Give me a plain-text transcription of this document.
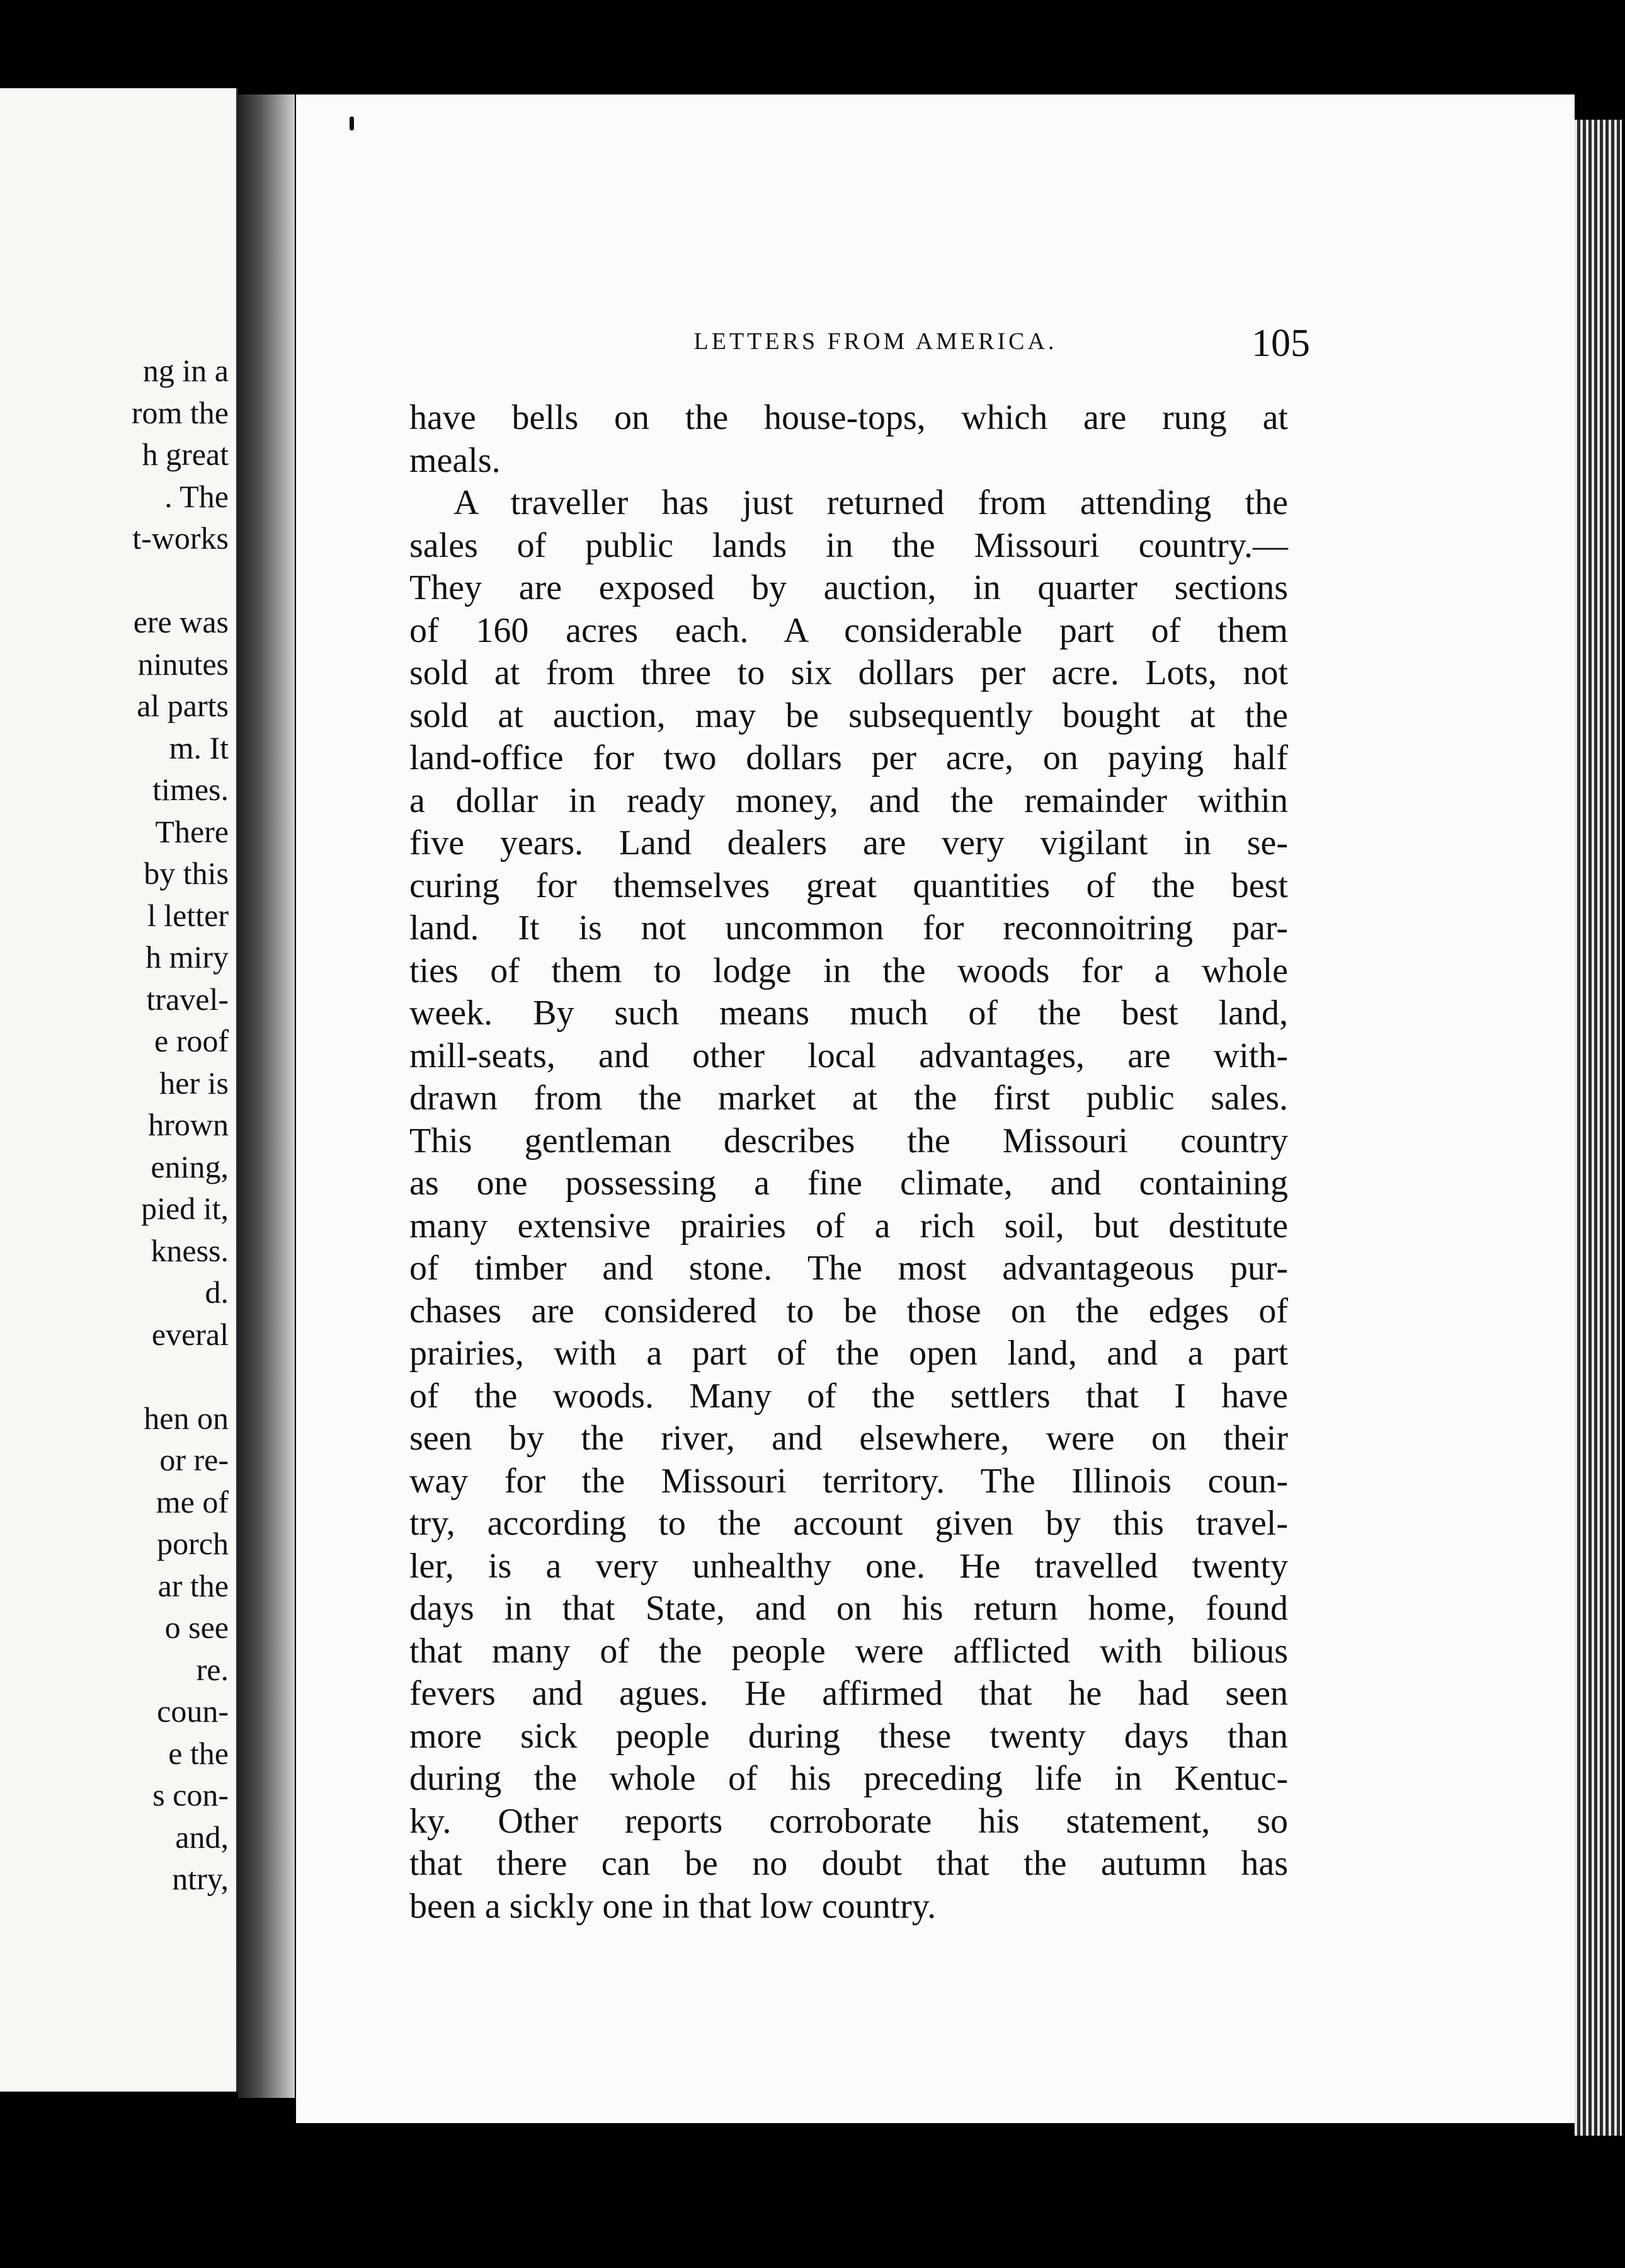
ng in a
rom the
h great
. The
t-works
ere was
ninutes
al parts
m. It
times.
There
by this
l letter
h miry
travel-
e roof
her is
hrown
ening,
pied it,
kness.
d.
everal
hen on
or re-
me of
porch
ar the
o see
re.
coun-
e the
s con-
and,
ntry,
LETTERS FROM AMERICA.	105
have bells on the house-tops, which are rung at
meals.
A traveller has just returned from attending the
sales of public lands in the Missouri country.—
They are exposed by auction, in quarter sections
of 160 acres each. A considerable part of them
sold at from three to six dollars per acre. Lots, not
sold at auction, may be subsequently bought at the
land-office for two dollars per acre, on paying half
a dollar in ready money, and the remainder within
five years. Land dealers are very vigilant in se-
curing for themselves great quantities of the best
land. It is not uncommon for reconnoitring par-
ties of them to lodge in the woods for a whole
week. By such means much of the best land,
mill-seats, and other local advantages, are with-
drawn from the market at the first public sales.
This gentleman describes the Missouri country
as one possessing a fine climate, and containing
many extensive prairies of a rich soil, but destitute
of timber and stone. The most advantageous pur-
chases are considered to be those on the edges of
prairies, with a part of the open land, and a part
of the woods. Many of the settlers that I have
seen by the river, and elsewhere, were on their
way for the Missouri territory. The Illinois coun-
try, according to the account given by this travel-
ler, is a very unhealthy one. He travelled twenty
days in that State, and on his return home, found
that many of the people were afflicted with bilious
fevers and agues. He affirmed that he had seen
more sick people during these twenty days than
during the whole of his preceding life in Kentuc-
ky. Other reports corroborate his statement, so
that there can be no doubt that the autumn has
been a sickly one in that low country.
